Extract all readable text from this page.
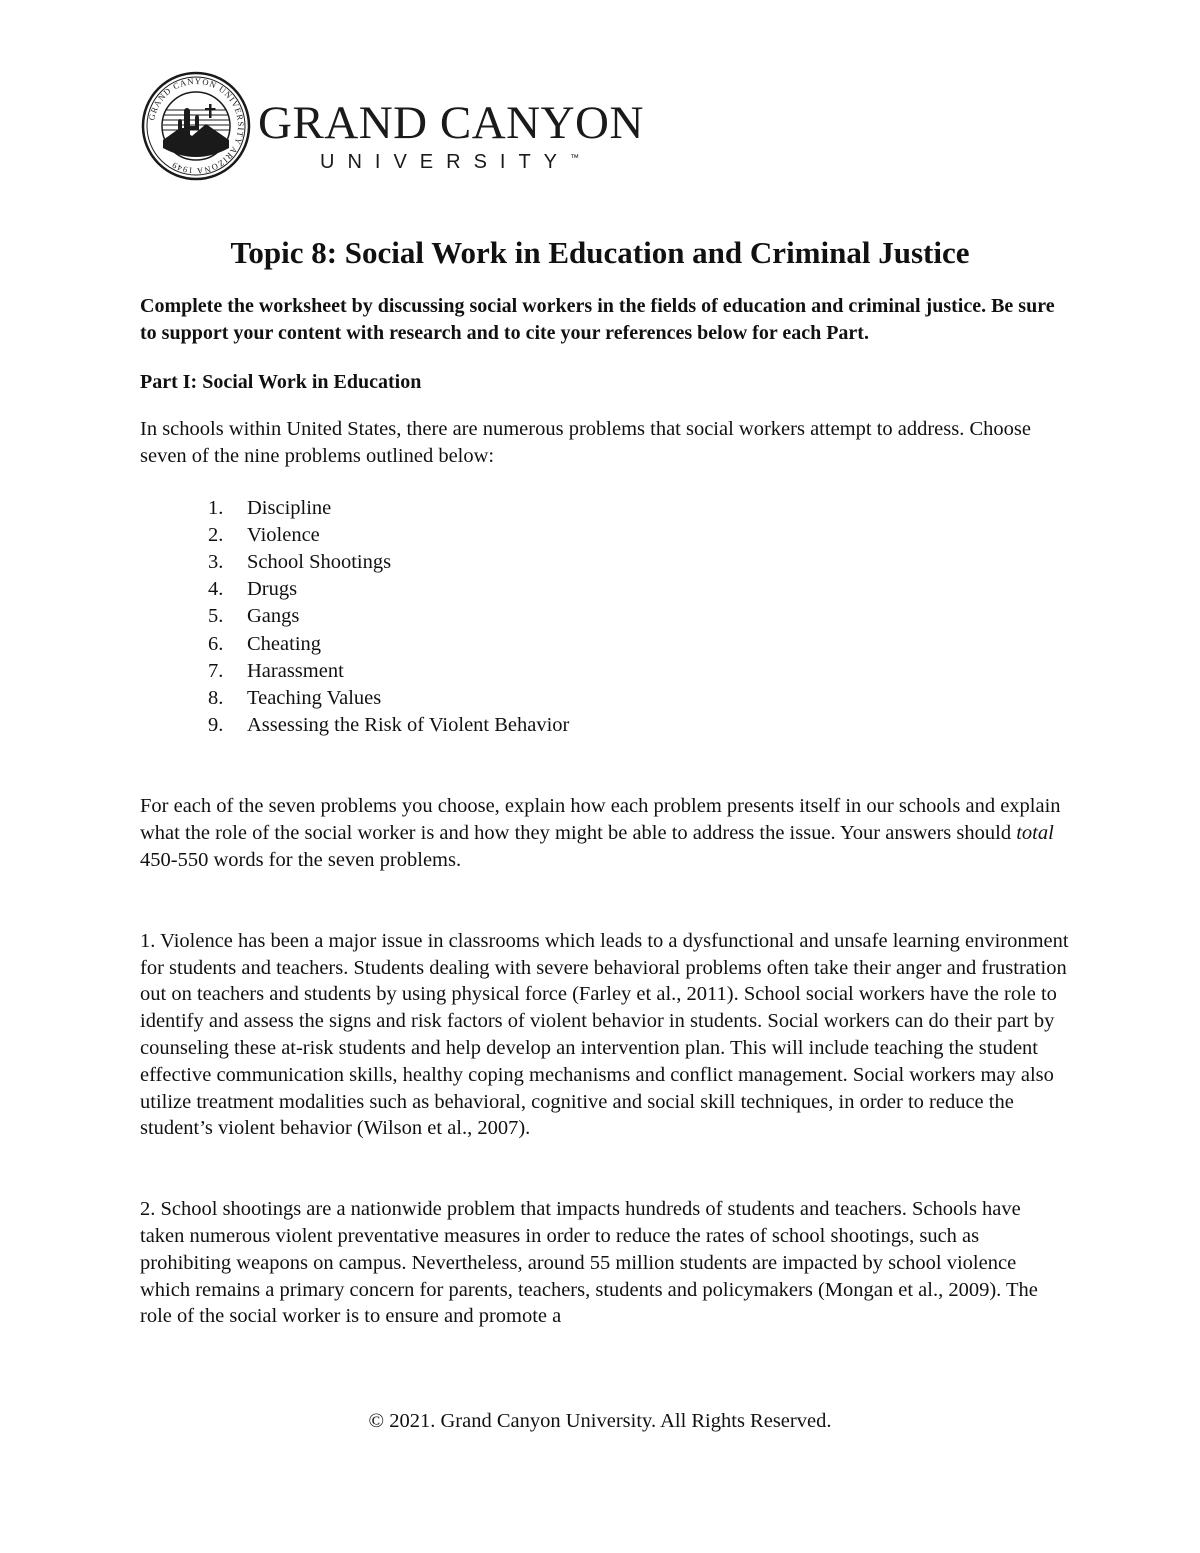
GRAND CANYON UNIVERSITY ARIZONA 1949
GRAND CANYON
UNIVERSITY™
Topic 8: Social Work in Education and Criminal Justice

Complete the worksheet by discussing social workers in the fields of education and criminal justice. Be sure to support your content with research and to cite your references below for each Part.

Part I: Social Work in Education

In schools within United States, there are numerous problems that social workers attempt to address. Choose seven of the nine problems outlined below:

1. Discipline
2. Violence
3. School Shootings
4. Drugs
5. Gangs
6. Cheating
7. Harassment
8. Teaching Values
9. Assessing the Risk of Violent Behavior

For each of the seven problems you choose, explain how each problem presents itself in our schools and explain what the role of the social worker is and how they might be able to address the issue. Your answers should total 450-550 words for the seven problems.

1. Violence has been a major issue in classrooms which leads to a dysfunctional and unsafe learning environment for students and teachers. Students dealing with severe behavioral problems often take their anger and frustration out on teachers and students by using physical force (Farley et al., 2011). School social workers have the role to identify and assess the signs and risk factors of violent behavior in students. Social workers can do their part by counseling these at-risk students and help develop an intervention plan. This will include teaching the student effective communication skills, healthy coping mechanisms and conflict management. Social workers may also utilize treatment modalities such as behavioral, cognitive and social skill techniques, in order to reduce the student’s violent behavior (Wilson et al., 2007).

2. School shootings are a nationwide problem that impacts hundreds of students and teachers. Schools have taken numerous violent preventative measures in order to reduce the rates of school shootings, such as prohibiting weapons on campus. Nevertheless, around 55 million students are impacted by school violence which remains a primary concern for parents, teachers, students and policymakers (Mongan et al., 2009). The role of the social worker is to ensure and promote a

© 2021. Grand Canyon University. All Rights Reserved.
